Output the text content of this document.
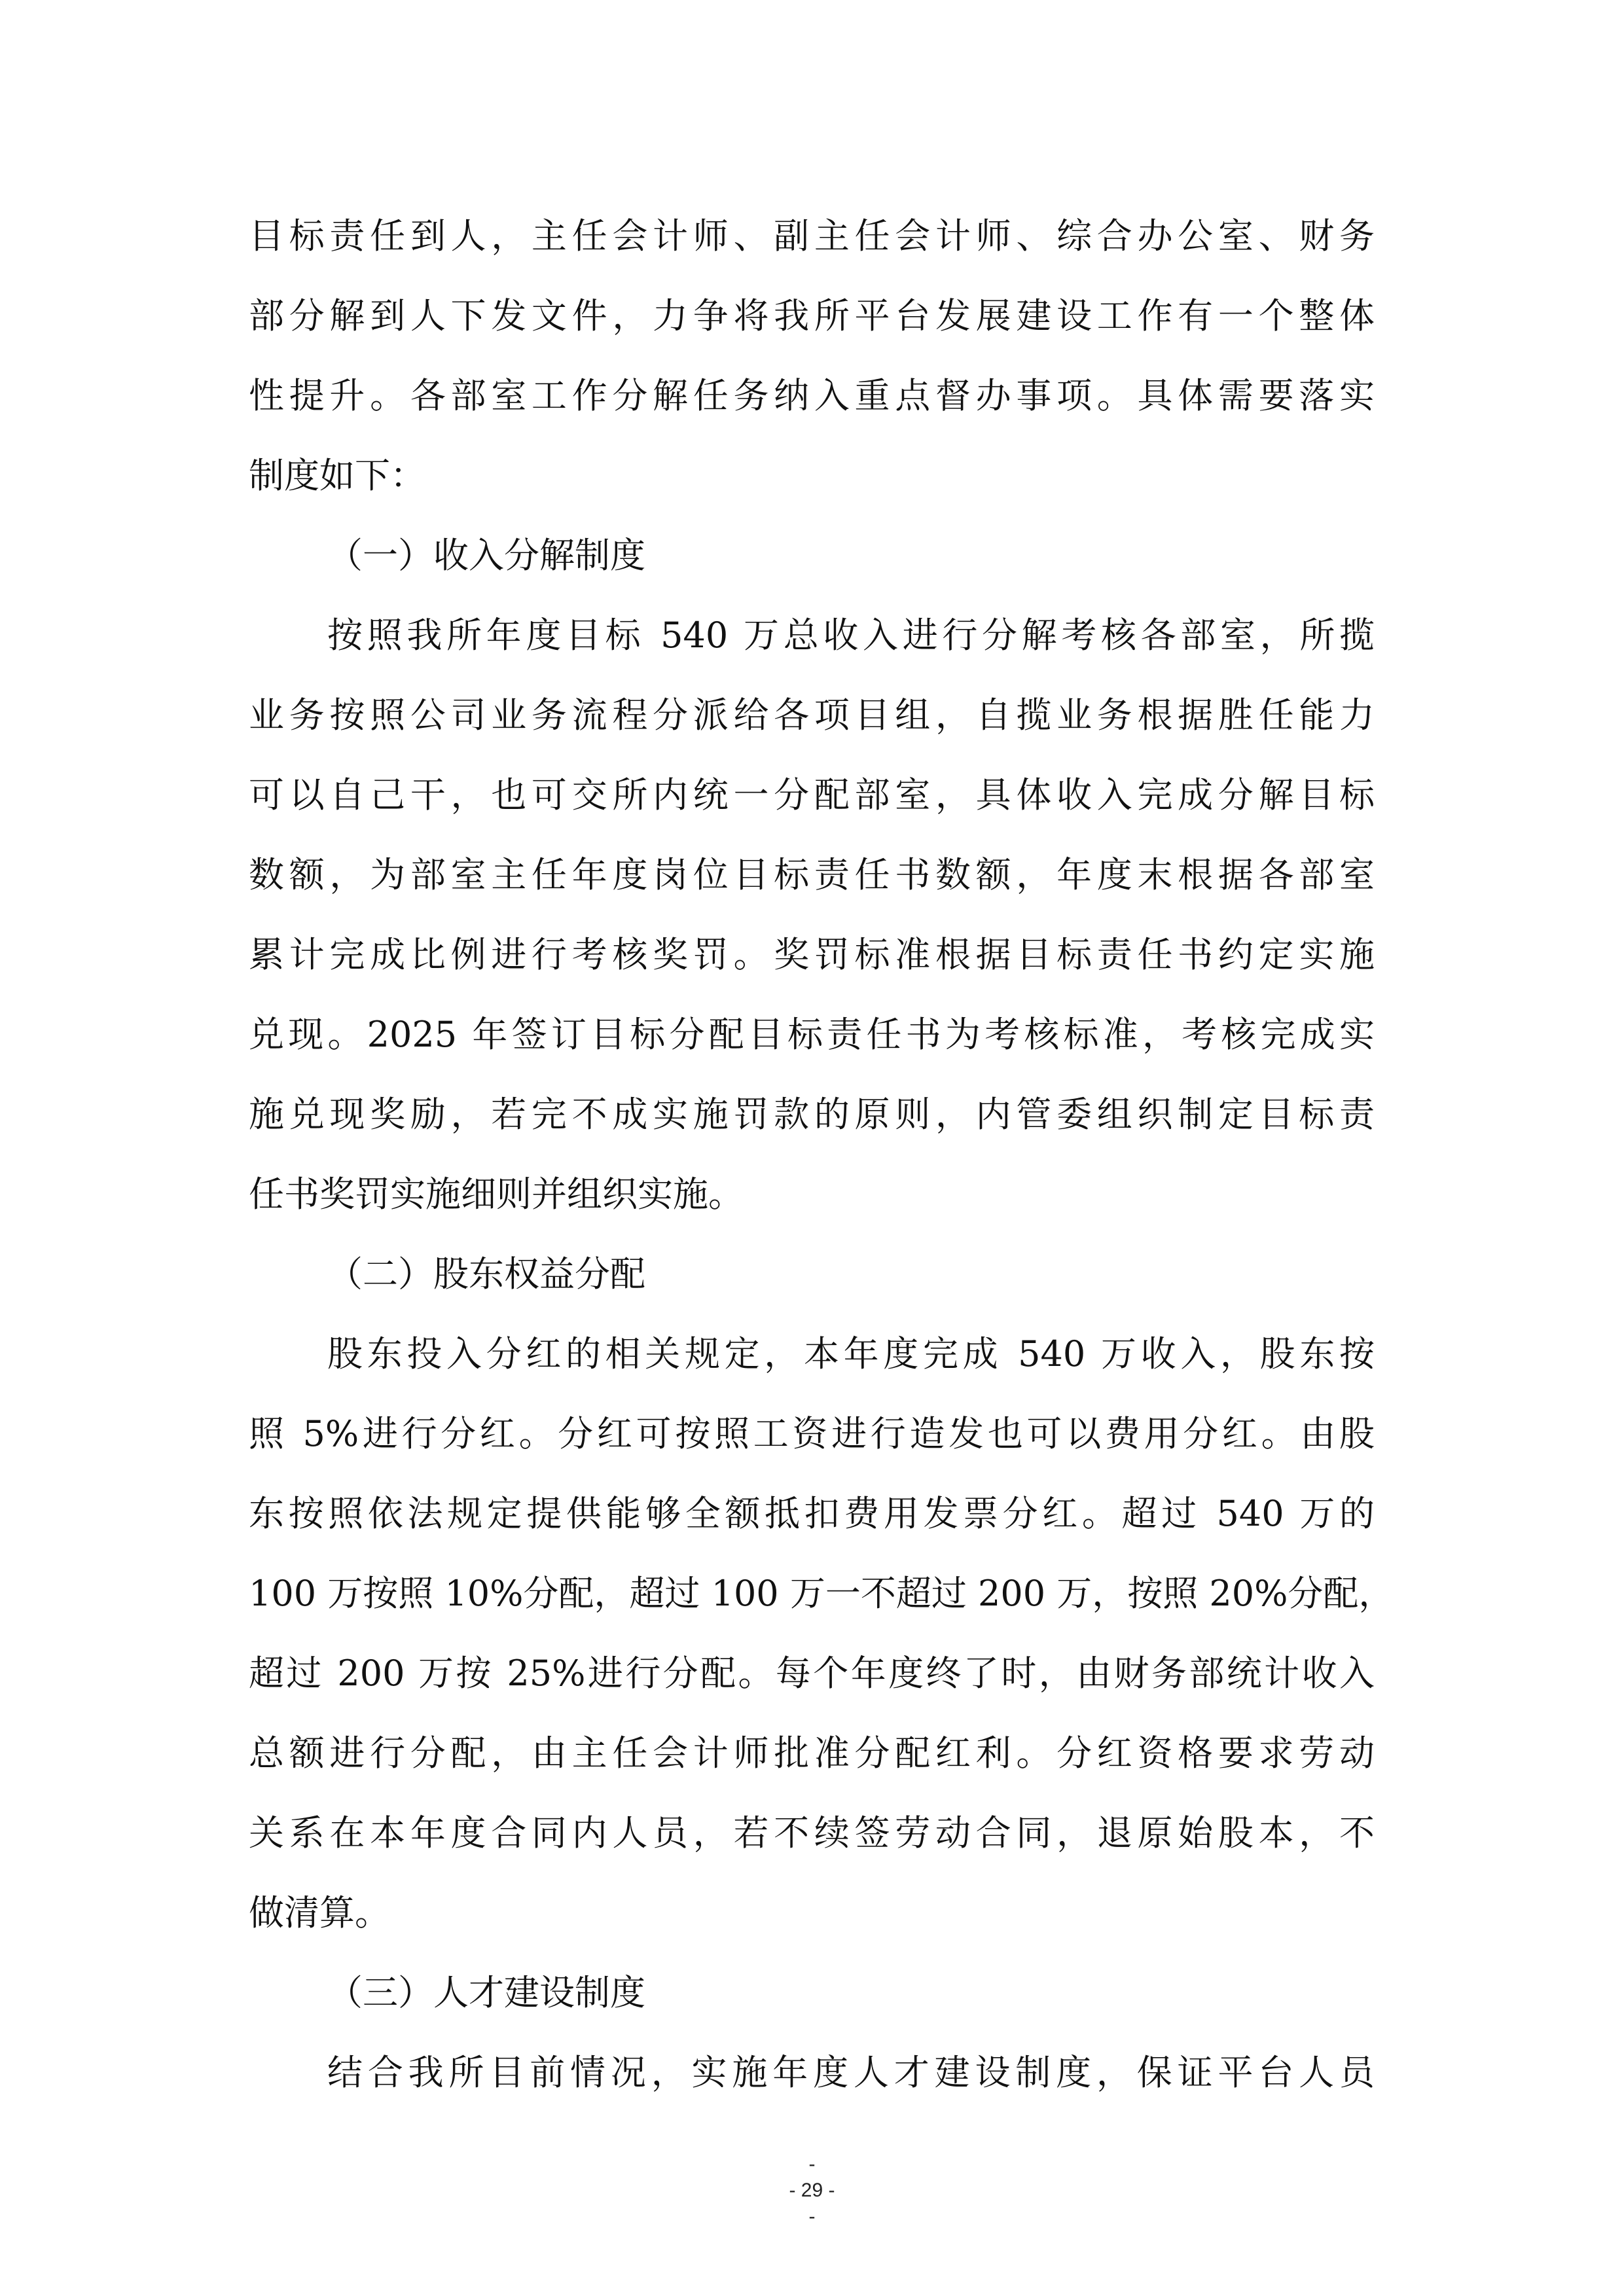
目标责任到人，主任会计师、副主任会计师、综合办公室、财务
部分解到人下发文件，力争将我所平台发展建设工作有一个整体
性提升。各部室工作分解任务纳入重点督办事项。具体需要落实
制度如下：
（一）收入分解制度
按照我所年度目标 540 万总收入进行分解考核各部室，所揽
业务按照公司业务流程分派给各项目组，自揽业务根据胜任能力
可以自己干，也可交所内统一分配部室，具体收入完成分解目标
数额，为部室主任年度岗位目标责任书数额，年度末根据各部室
累计完成比例进行考核奖罚。奖罚标准根据目标责任书约定实施
兑现。2025 年签订目标分配目标责任书为考核标准，考核完成实
施兑现奖励，若完不成实施罚款的原则，内管委组织制定目标责
任书奖罚实施细则并组织实施。
（二）股东权益分配
股东投入分红的相关规定，本年度完成 540 万收入，股东按
照 5%进行分红。分红可按照工资进行造发也可以费用分红。由股
东按照依法规定提供能够全额抵扣费用发票分红。超过 540 万的
100 万按照 10%分配，超过 100 万一不超过 200 万，按照 20%分配，
超过 200 万按 25%进行分配。每个年度终了时，由财务部统计收入
总额进行分配，由主任会计师批准分配红利。分红资格要求劳动
关系在本年度合同内人员，若不续签劳动合同，退原始股本，不
做清算。
（三）人才建设制度
结合我所目前情况，实施年度人才建设制度，保证平台人员
-
- 29 -
-
